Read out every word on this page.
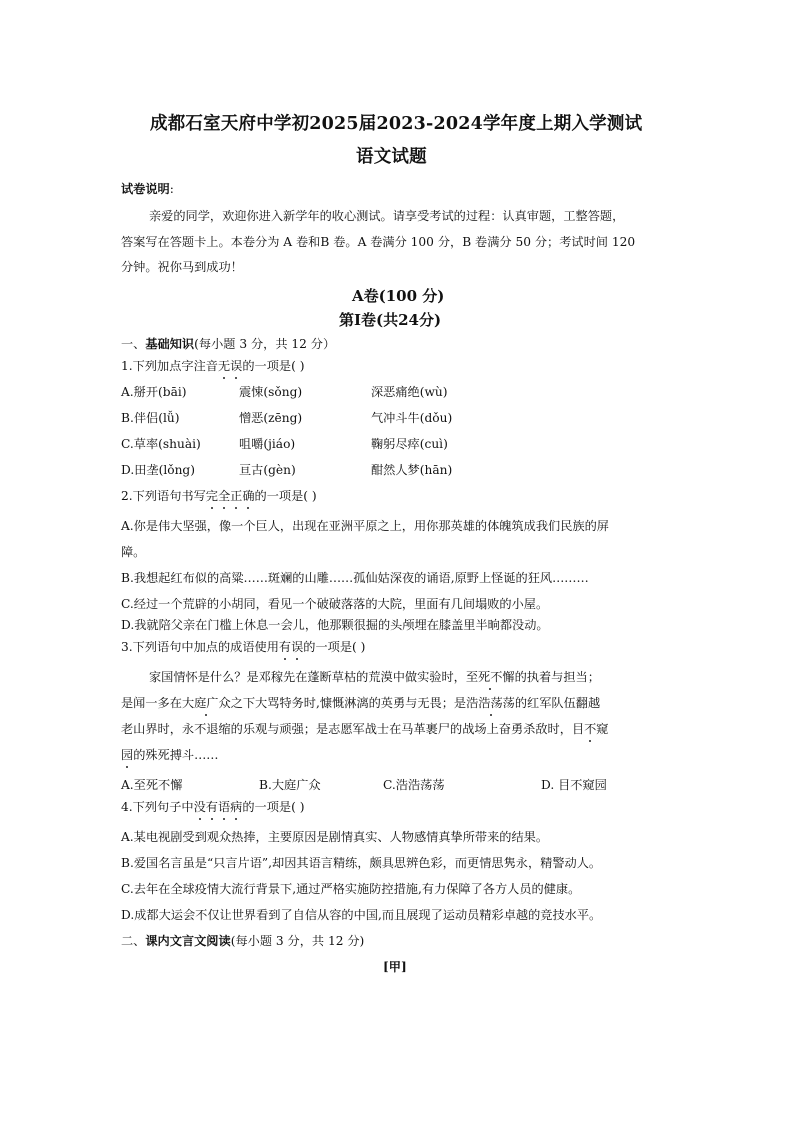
成都石室天府中学初2025届2023-2024学年度上期入学测试
语文试题
试卷说明:
亲爱的同学，欢迎你进入新学年的收心测试。请享受考试的过程：认真审题，工整答题，
答案写在答题卡上。本卷分为 A 卷和B 卷。A 卷满分 100 分，B 卷满分 50 分；考试时间 120
分钟。祝你马到成功！
A卷(100 分)
第Ⅰ卷(共24分)
一、基础知识(每小题 3 分，共 12 分）
1.下列加点字注音无误的一项是( )
A.掰开(bāi)	震悚(sǒng)	深恶痛绝(wù)
B.伴侣(lǚ)	憎恶(zēng)	气冲斗牛(dǒu)
C.草率(shuài)	咀嚼(jiáo)	鞠躬尽瘁(cuì)
D.田垄(lǒng)	亘古(gèn)	酣然人梦(hān)
2.下列语句书写完全正确的一项是( )
A.你是伟大坚强，像一个巨人，出现在亚洲平原之上，用你那英雄的体魄筑成我们民族的屏
障。
B.我想起红布似的高粱……斑斓的山雕……孤仙姑深夜的诵语,原野上怪诞的狂风………
C.经过一个荒辟的小胡同，看见一个破破落落的大院，里面有几间塌败的小屋。
D.我就陪父亲在门槛上休息一会儿，他那颗很掘的头颅埋在膝盖里半晌都没动。
3.下列语句中加点的成语使用有误的一项是( )
家国情怀是什么？是邓稼先在蓬断草枯的荒漠中做实验时，至死不懈的执着与担当；
是闻一多在大庭广众之下大骂特务时,慷慨淋漓的英勇与无畏；是浩浩荡荡的红军队伍翻越
老山界时，永不退缩的乐观与顽强；是志愿军战士在马革裹尸的战场上奋勇杀敌时，目不窥
园的殊死搏斗……
A.至死不懈	B.大庭广众	C.浩浩荡荡	D. 目不窥园
4.下列句子中没有语病的一项是( )
A.某电视剧受到观众热捧，主要原因是剧情真实、人物感情真挚所带来的结果。
B.爱国名言虽是“只言片语”,却因其语言精练，颇具思辨色彩，而更情思隽永，精警动人。
C.去年在全球疫情大流行背景下,通过严格实施防控措施,有力保障了各方人员的健康。
D.成都大运会不仅让世界看到了自信从容的中国,而且展现了运动员精彩卓越的竞技水平。
二、课内文言文阅读(每小题 3 分，共 12 分)
[甲]
